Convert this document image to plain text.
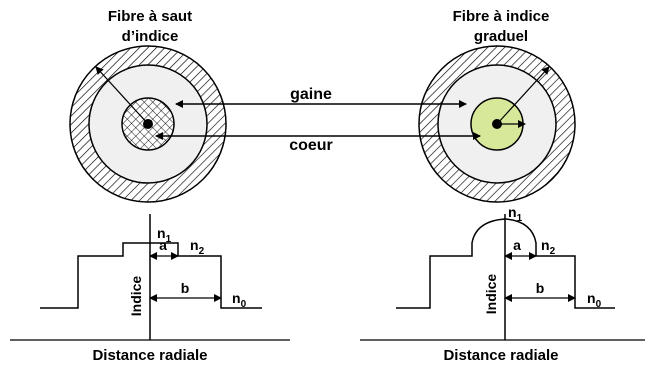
Fibre à saut
d’indice
Fibre à indice
graduel
gaine
coeur
a
b
$n_1$ $n_2$
$n_0$
Indice
Distance radiale
a
b
$n_1$
$n_2$
$n_0$
Indice
Distance radiale
